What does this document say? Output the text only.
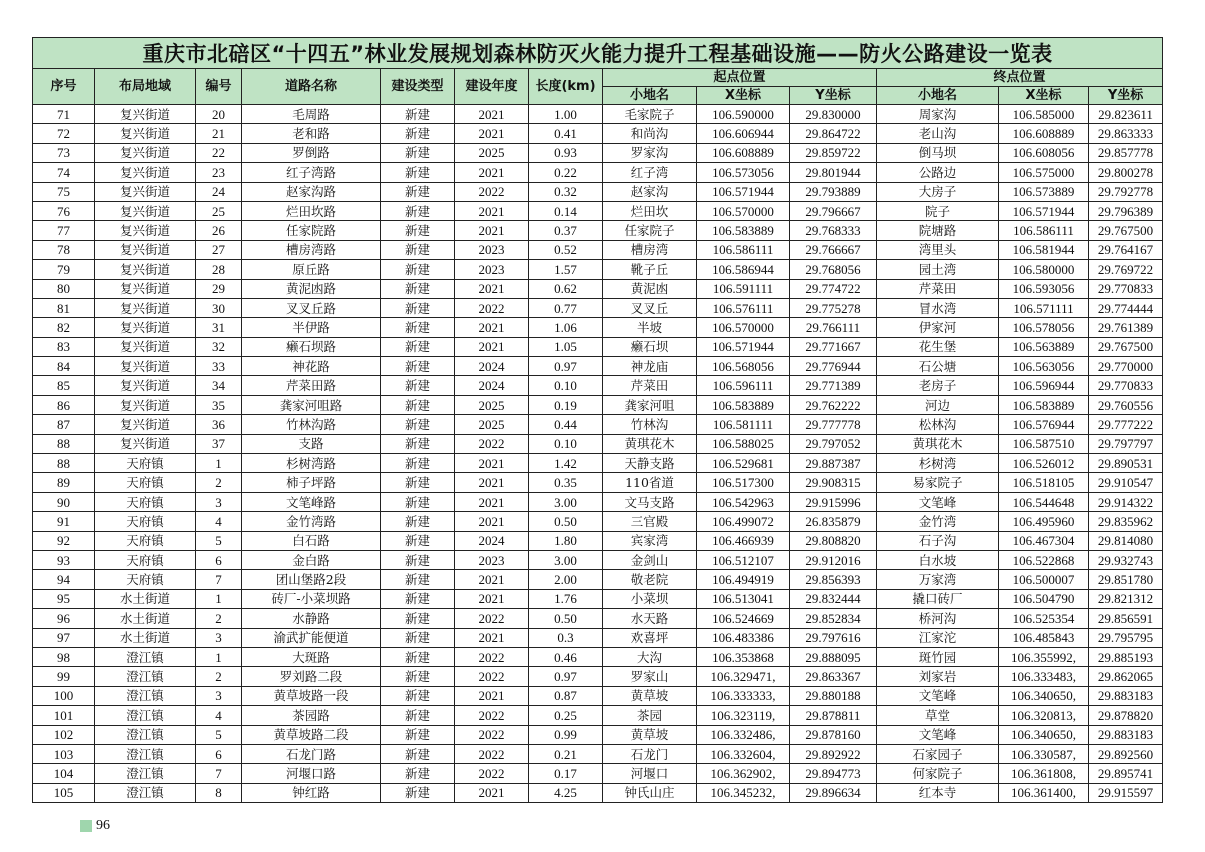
重庆市北碚区“十四五”林业发展规划森林防灭火能力提升工程基础设施——防火公路建设一览表												
序号	布局地域	编号	道路名称	建设类型	建设年度	长度(km)	起点位置			终点位置		
							小地名	X坐标	Y坐标	小地名	X坐标	Y坐标
71	复兴街道	20	毛周路	新建	2021	1.00	毛家院子	106.590000	29.830000	周家沟	106.585000	29.823611
72	复兴街道	21	老和路	新建	2021	0.41	和尚沟	106.606944	29.864722	老山沟	106.608889	29.863333
73	复兴街道	22	罗倒路	新建	2025	0.93	罗家沟	106.608889	29.859722	倒马坝	106.608056	29.857778
74	复兴街道	23	红子湾路	新建	2021	0.22	红子湾	106.573056	29.801944	公路边	106.575000	29.800278
75	复兴街道	24	赵家沟路	新建	2022	0.32	赵家沟	106.571944	29.793889	大房子	106.573889	29.792778
76	复兴街道	25	烂田坎路	新建	2021	0.14	烂田坎	106.570000	29.796667	院子	106.571944	29.796389
77	复兴街道	26	任家院路	新建	2021	0.37	任家院子	106.583889	29.768333	院塘路	106.586111	29.767500
78	复兴街道	27	槽房湾路	新建	2023	0.52	槽房湾	106.586111	29.766667	湾里头	106.581944	29.764167
79	复兴街道	28	原丘路	新建	2023	1.57	靴子丘	106.586944	29.768056	园土湾	106.580000	29.769722
80	复兴街道	29	黄泥凼路	新建	2021	0.62	黄泥凼	106.591111	29.774722	芹菜田	106.593056	29.770833
81	复兴街道	30	叉叉丘路	新建	2022	0.77	叉叉丘	106.576111	29.775278	冒水湾	106.571111	29.774444
82	复兴街道	31	半伊路	新建	2021	1.06	半坡	106.570000	29.766111	伊家河	106.578056	29.761389
83	复兴街道	32	癞石坝路	新建	2021	1.05	癞石坝	106.571944	29.771667	花生堡	106.563889	29.767500
84	复兴街道	33	神花路	新建	2024	0.97	神龙庙	106.568056	29.776944	石公塘	106.563056	29.770000
85	复兴街道	34	芹菜田路	新建	2024	0.10	芹菜田	106.596111	29.771389	老房子	106.596944	29.770833
86	复兴街道	35	龚家河咀路	新建	2025	0.19	龚家河咀	106.583889	29.762222	河边	106.583889	29.760556
87	复兴街道	36	竹林沟路	新建	2025	0.44	竹林沟	106.581111	29.777778	松林沟	106.576944	29.777222
88	复兴街道	37	支路	新建	2022	0.10	黄琪花木	106.588025	29.797052	黄琪花木	106.587510	29.797797
88	天府镇	1	杉树湾路	新建	2021	1.42	天静支路	106.529681	29.887387	杉树湾	106.526012	29.890531
89	天府镇	2	柿子坪路	新建	2021	0.35	110省道	106.517300	29.908315	易家院子	106.518105	29.910547
90	天府镇	3	文笔峰路	新建	2021	3.00	文马支路	106.542963	29.915996	文笔峰	106.544648	29.914322
91	天府镇	4	金竹湾路	新建	2021	0.50	三官殿	106.499072	26.835879	金竹湾	106.495960	29.835962
92	天府镇	5	白石路	新建	2024	1.80	宾家湾	106.466939	29.808820	石子沟	106.467304	29.814080
93	天府镇	6	金白路	新建	2023	3.00	金剑山	106.512107	29.912016	白水坡	106.522868	29.932743
94	天府镇	7	团山堡路2段	新建	2021	2.00	敬老院	106.494919	29.856393	万家湾	106.500007	29.851780
95	水土街道	1	砖厂-小菜坝路	新建	2021	1.76	小菜坝	106.513041	29.832444	撬口砖厂	106.504790	29.821312
96	水土街道	2	水静路	新建	2022	0.50	水天路	106.524669	29.852834	桥河沟	106.525354	29.856591
97	水土街道	3	渝武扩能便道	新建	2021	0.3	欢喜坪	106.483386	29.797616	江家沱	106.485843	29.795795
98	澄江镇	1	大斑路	新建	2022	0.46	大沟	106.353868	29.888095	斑竹园	106.355992,	29.885193
99	澄江镇	2	罗刘路二段	新建	2022	0.97	罗家山	106.329471,	29.863367	刘家岩	106.333483,	29.862065
100	澄江镇	3	黄草坡路一段	新建	2021	0.87	黄草坡	106.333333,	29.880188	文笔峰	106.340650,	29.883183
101	澄江镇	4	茶园路	新建	2022	0.25	茶园	106.323119,	29.878811	草堂	106.320813,	29.878820
102	澄江镇	5	黄草坡路二段	新建	2022	0.99	黄草坡	106.332486,	29.878160	文笔峰	106.340650,	29.883183
103	澄江镇	6	石龙门路	新建	2022	0.21	石龙门	106.332604,	29.892922	石家园子	106.330587,	29.892560
104	澄江镇	7	河堰口路	新建	2022	0.17	河堰口	106.362902,	29.894773	何家院子	106.361808,	29.895741
105	澄江镇	8	钟红路	新建	2021	4.25	钟氏山庄	106.345232,	29.896634	红本寺	106.361400,	29.915597
96
